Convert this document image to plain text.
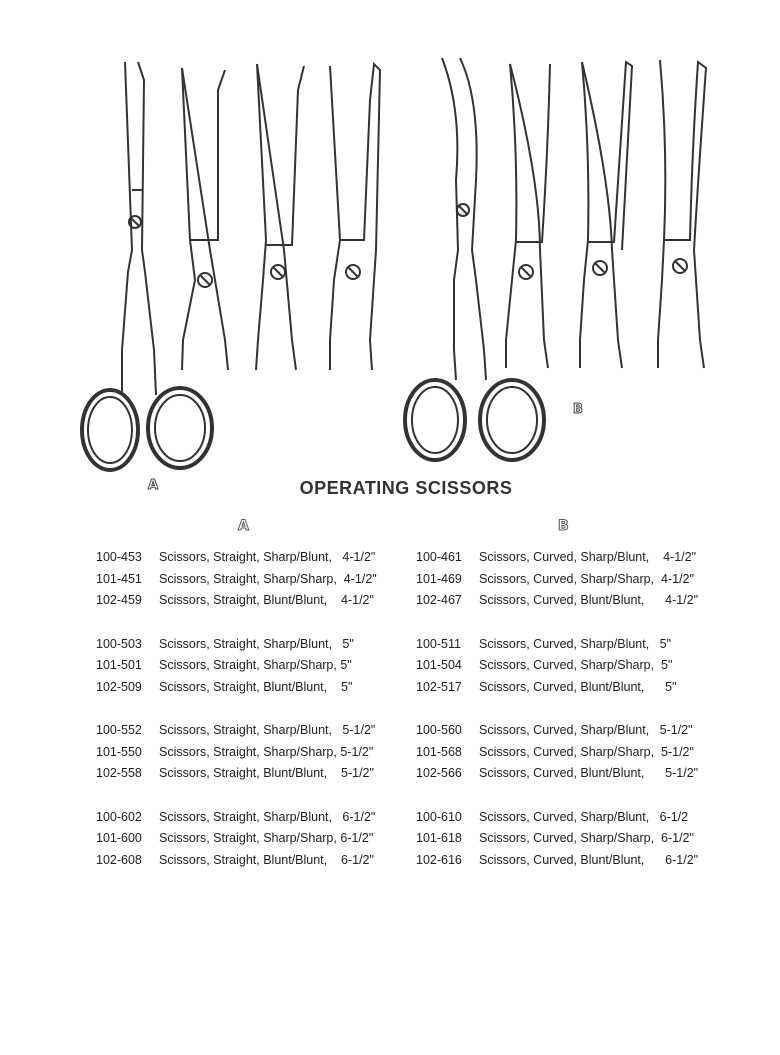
A
B
OPERATING SCISSORS
A	B
100-453 Scissors, Straight, Sharp/Blunt,   4-1/2"
101-451 Scissors, Straight, Sharp/Sharp,  4-1/2"
102-459 Scissors, Straight, Blunt/Blunt,    4-1/2"
100-503 Scissors, Straight, Sharp/Blunt,   5"
101-501 Scissors, Straight, Sharp/Sharp, 5"
102-509 Scissors, Straight, Blunt/Blunt,    5"
100-552 Scissors, Straight, Sharp/Blunt,   5-1/2"
101-550 Scissors, Straight, Sharp/Sharp, 5-1/2"
102-558 Scissors, Straight, Blunt/Blunt,    5-1/2"
100-602 Scissors, Straight, Sharp/Blunt,   6-1/2"
101-600 Scissors, Straight, Sharp/Sharp, 6-1/2"
102-608 Scissors, Straight, Blunt/Blunt,    6-1/2"
100-461 Scissors, Curved, Sharp/Blunt,    4-1/2"
101-469 Scissors, Curved, Sharp/Sharp,  4-1/2"
102-467 Scissors, Curved, Blunt/Blunt,      4-1/2"
100-511 Scissors, Curved, Sharp/Blunt,   5"
101-504 Scissors, Curved, Sharp/Sharp,  5"
102-517 Scissors, Curved, Blunt/Blunt,      5"
100-560 Scissors, Curved, Sharp/Blunt,   5-1/2"
101-568 Scissors, Curved, Sharp/Sharp,  5-1/2"
102-566 Scissors, Curved, Blunt/Blunt,      5-1/2"
100-610 Scissors, Curved, Sharp/Blunt,   6-1/2
101-618 Scissors, Curved, Sharp/Sharp,  6-1/2"
102-616 Scissors, Curved, Blunt/Blunt,      6-1/2"
